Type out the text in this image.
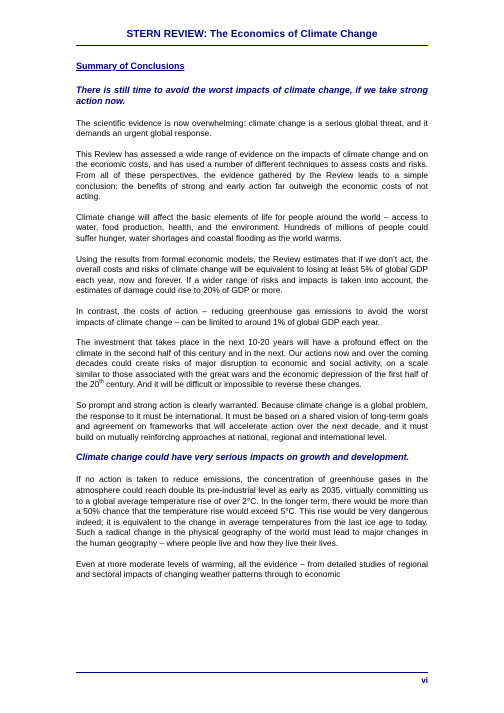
STERN REVIEW: The Economics of Climate Change
Summary of Conclusions
There is still time to avoid the worst impacts of climate change, if we take strong action now.

The scientific evidence is now overwhelming: climate change is a serious global threat, and it demands an urgent global response.

This Review has assessed a wide range of evidence on the impacts of climate change and on the economic costs, and has used a number of different techniques to assess costs and risks. From all of these perspectives, the evidence gathered by the Review leads to a simple conclusion: the benefits of strong and early action far outweigh the economic costs of not acting.

Climate change will affect the basic elements of life for people around the world – access to water, food production, health, and the environment. Hundreds of millions of people could suffer hunger, water shortages and coastal flooding as the world warms.

Using the results from formal economic models, the Review estimates that if we don’t act, the overall costs and risks of climate change will be equivalent to losing at least 5% of global GDP each year, now and forever. If a wider range of risks and impacts is taken into account, the estimates of damage could rise to 20% of GDP or more.

In contrast, the costs of action – reducing greenhouse gas emissions to avoid the worst impacts of climate change – can be limited to around 1% of global GDP each year.

The investment that takes place in the next 10-20 years will have a profound effect on the climate in the second half of this century and in the next. Our actions now and over the coming decades could create risks of major disruption to economic and social activity, on a scale similar to those associated with the great wars and the economic depression of the first half of the 20th century. And it will be difficult or impossible to reverse these changes.

So prompt and strong action is clearly warranted. Because climate change is a global problem, the response to it must be international. It must be based on a shared vision of long-term goals and agreement on frameworks that will accelerate action over the next decade, and it must build on mutually reinforcing approaches at national, regional and international level.

Climate change could have very serious impacts on growth and development.

If no action is taken to reduce emissions, the concentration of greenhouse gases in the atmosphere could reach double its pre-industrial level as early as 2035, virtually committing us to a global average temperature rise of over 2°C. In the longer term, there would be more than a 50% chance that the temperature rise would exceed 5°C. This rise would be very dangerous indeed; it is equivalent to the change in average temperatures from the last ice age to today. Such a radical change in the physical geography of the world must lead to major changes in the human geography – where people live and how they live their lives.

Even at more moderate levels of warming, all the evidence – from detailed studies of regional and sectoral impacts of changing weather patterns through to economic

vi
